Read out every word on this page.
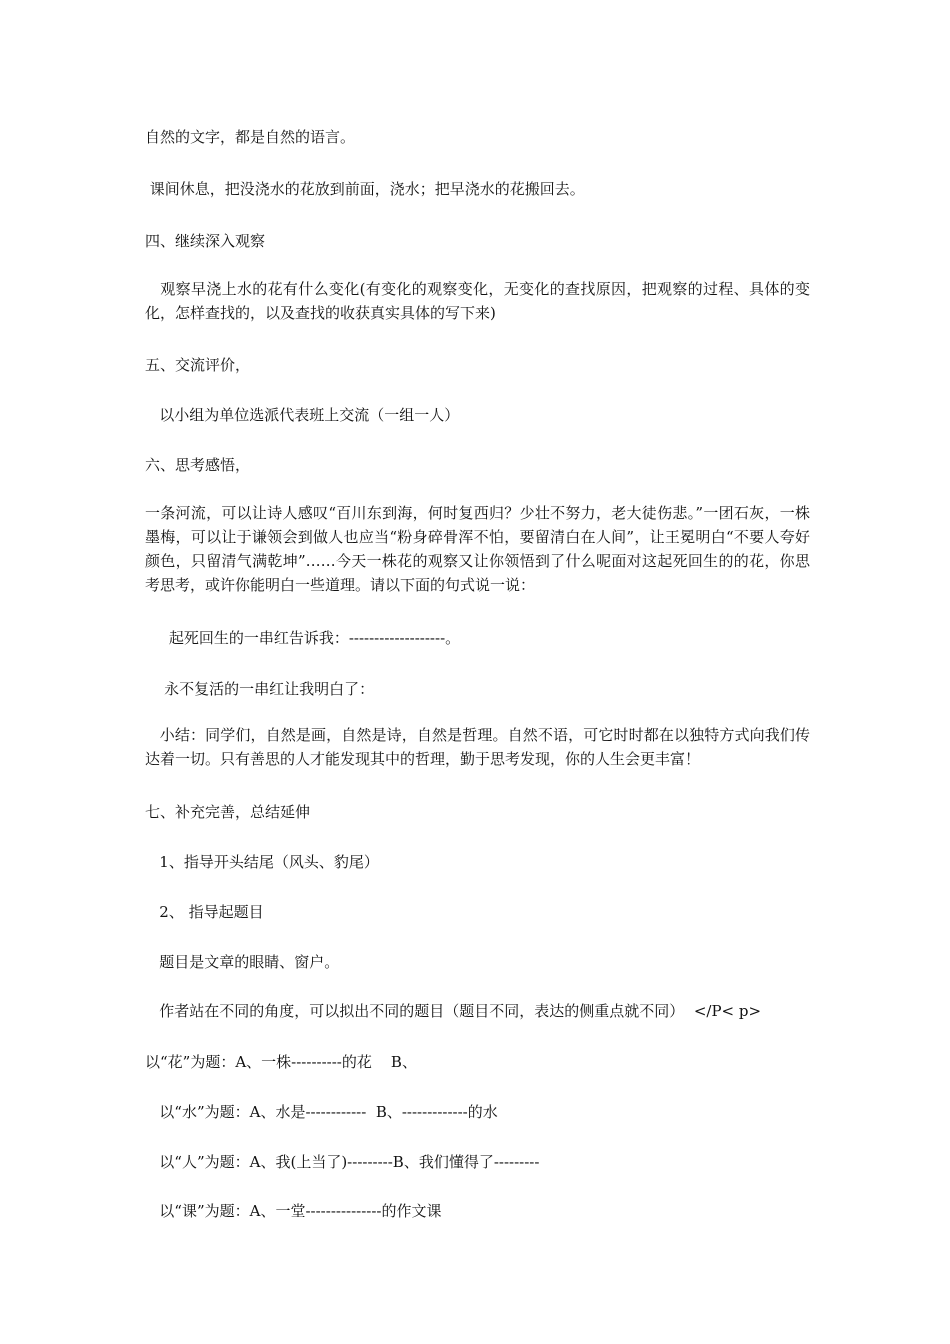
自然的文字，都是自然的语言。
课间休息，把没浇水的花放到前面，浇水；把早浇水的花搬回去。
四、继续深入观察
观察早浇上水的花有什么变化(有变化的观察变化，无变化的查找原因，把观察的过程、具体的变化，怎样查找的，以及查找的收获真实具体的写下来)
五、交流评价，
以小组为单位选派代表班上交流（一组一人）
六、思考感悟，
一条河流，可以让诗人感叹“百川东到海，何时复西归？少壮不努力，老大徒伤悲。”一团石灰，一株墨梅，可以让于谦领会到做人也应当“粉身碎骨浑不怕，要留清白在人间”，让王冕明白“不要人夸好颜色，只留清气满乾坤”……今天一株花的观察又让你领悟到了什么呢面对这起死回生的的花，你思考思考，或许你能明白一些道理。请以下面的句式说一说：
起死回生的一串红告诉我：-------------------。
永不复活的一串红让我明白了：
小结：同学们，自然是画，自然是诗，自然是哲理。自然不语，可它时时都在以独特方式向我们传达着一切。只有善思的人才能发现其中的哲理，勤于思考发现，你的人生会更丰富！
七、补充完善，总结延伸
1、指导开头结尾（风头、豹尾）
2、 指导起题目
题目是文章的眼睛、窗户。
作者站在不同的角度，可以拟出不同的题目（题目不同，表达的侧重点就不同）  </P< p>
以“花”为题：A、一株----------的花    B、
以“水”为题：A、水是------------  B、-------------的水
以“人”为题：A、我(上当了)---------B、我们懂得了---------
以“课”为题：A、一堂---------------的作文课
